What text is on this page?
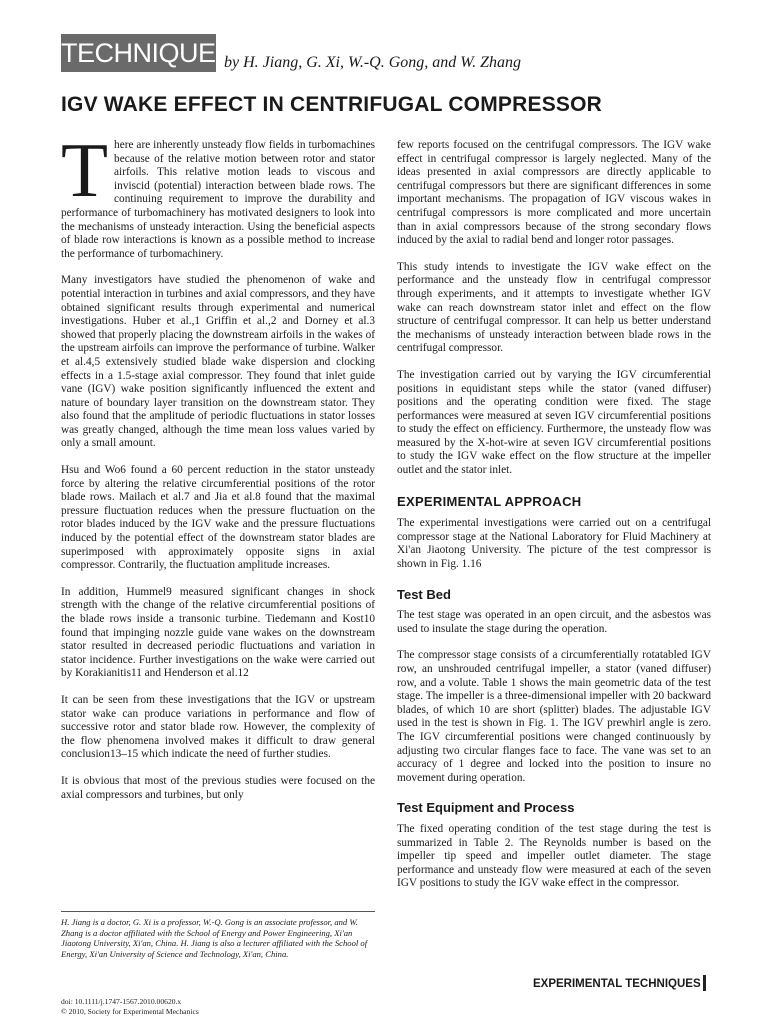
TECHNIQUES
by H. Jiang, G. Xi, W.-Q. Gong, and W. Zhang
IGV WAKE EFFECT IN CENTRIFUGAL COMPRESSOR

There are inherently unsteady flow fields in turbomachines because of the relative motion between rotor and stator airfoils. This relative motion leads to viscous and inviscid (potential) interaction between blade rows. The continuing requirement to improve the durability and performance of turbomachinery has motivated designers to look into the mechanisms of unsteady interaction. Using the beneficial aspects of blade row interactions is known as a possible method to increase the performance of turbomachinery.

Many investigators have studied the phenomenon of wake and potential interaction in turbines and axial compressors, and they have obtained significant results through experimental and numerical investigations. Huber et al.,1 Griffin et al.,2 and Dorney et al.3 showed that properly placing the downstream airfoils in the wakes of the upstream airfoils can improve the performance of turbine. Walker et al.4,5 extensively studied blade wake dispersion and clocking effects in a 1.5-stage axial compressor. They found that inlet guide vane (IGV) wake position significantly influenced the extent and nature of boundary layer transition on the downstream stator. They also found that the amplitude of periodic fluctuations in stator losses was greatly changed, although the time mean loss values varied by only a small amount.

Hsu and Wo6 found a 60 percent reduction in the stator unsteady force by altering the relative circumferential positions of the rotor blade rows. Mailach et al.7 and Jia et al.8 found that the maximal pressure fluctuation reduces when the pressure fluctuation on the rotor blades induced by the IGV wake and the pressure fluctuations induced by the potential effect of the downstream stator blades are superimposed with approximately opposite signs in axial compressor. Contrarily, the fluctuation amplitude increases.

In addition, Hummel9 measured significant changes in shock strength with the change of the relative circumferential positions of the blade rows inside a transonic turbine. Tiedemann and Kost10 found that impinging nozzle guide vane wakes on the downstream stator resulted in decreased periodic fluctuations and variation in stator incidence. Further investigations on the wake were carried out by Korakianitis11 and Henderson et al.12

It can be seen from these investigations that the IGV or upstream stator wake can produce variations in performance and flow of successive rotor and stator blade row. However, the complexity of the flow phenomena involved makes it difficult to draw general conclusion13–15 which indicate the need of further studies.

It is obvious that most of the previous studies were focused on the axial compressors and turbines, but only

few reports focused on the centrifugal compressors. The IGV wake effect in centrifugal compressor is largely neglected. Many of the ideas presented in axial compressors are directly applicable to centrifugal compressors but there are significant differences in some important mechanisms. The propagation of IGV viscous wakes in centrifugal compressors is more complicated and more uncertain than in axial compressors because of the strong secondary flows induced by the axial to radial bend and longer rotor passages.

This study intends to investigate the IGV wake effect on the performance and the unsteady flow in centrifugal compressor through experiments, and it attempts to investigate whether IGV wake can reach downstream stator inlet and effect on the flow structure of centrifugal compressor. It can help us better understand the mechanisms of unsteady interaction between blade rows in the centrifugal compressor.

The investigation carried out by varying the IGV circumferential positions in equidistant steps while the stator (vaned diffuser) positions and the operating condition were fixed. The stage performances were measured at seven IGV circumferential positions to study the effect on efficiency. Furthermore, the unsteady flow was measured by the X-hot-wire at seven IGV circumferential positions to study the IGV wake effect on the flow structure at the impeller outlet and the stator inlet.

EXPERIMENTAL APPROACH

The experimental investigations were carried out on a centrifugal compressor stage at the National Laboratory for Fluid Machinery at Xi'an Jiaotong University. The picture of the test compressor is shown in Fig. 1.16

Test Bed

The test stage was operated in an open circuit, and the asbestos was used to insulate the stage during the operation.

The compressor stage consists of a circumferentially rotatabled IGV row, an unshrouded centrifugal impeller, a stator (vaned diffuser) row, and a volute. Table 1 shows the main geometric data of the test stage. The impeller is a three-dimensional impeller with 20 backward blades, of which 10 are short (splitter) blades. The adjustable IGV used in the test is shown in Fig. 1. The IGV prewhirl angle is zero. The IGV circumferential positions were changed continuously by adjusting two circular flanges face to face. The vane was set to an accuracy of 1 degree and locked into the position to insure no movement during operation.

Test Equipment and Process

The fixed operating condition of the test stage during the test is summarized in Table 2. The Reynolds number is based on the impeller tip speed and impeller outlet diameter. The stage performance and unsteady flow were measured at each of the seven IGV positions to study the IGV wake effect in the compressor.

H. Jiang is a doctor, G. Xi is a professor, W.-Q. Gong is an associate professor, and W. Zhang is a doctor affiliated with the School of Energy and Power Engineering, Xi'an Jiaotong University, Xi'an, China. H. Jiang is also a lecturer affiliated with the School of Energy, Xi'an University of Science and Technology, Xi'an, China.
doi: 10.1111/j.1747-1567.2010.00620.x
© 2010, Society for Experimental Mechanics
EXPERIMENTAL TECHNIQUES
